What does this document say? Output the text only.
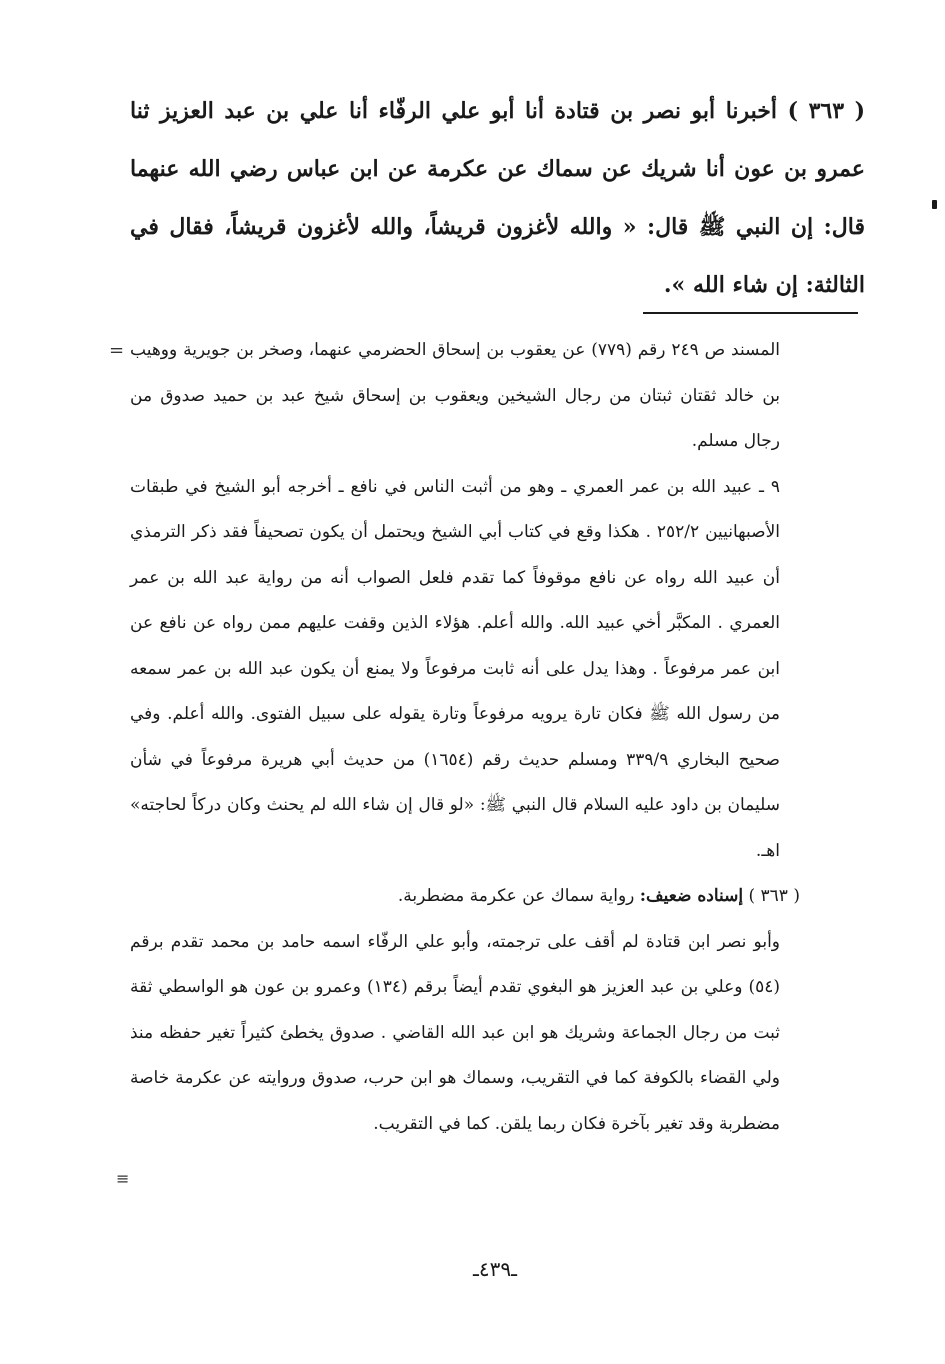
( ٣٦٣ ) أخبرنا أبو نصر بن قتادة أنا أبو علي الرفّاء أنا علي بن عبد العزيز ثنا عمرو بن عون أنا شريك عن سماك عن عكرمة عن ابن عباس رضي الله عنهما قال: إن النبي ﷺ قال: « والله لأغزون قريشاً، والله لأغزون قريشاً، فقال في الثالثة: إن شاء الله ».

= المسند ص ٢٤٩ رقم (٧٧٩) عن يعقوب بن إسحاق الحضرمي عنهما، وصخر بن جويرية ووهيب بن خالد ثقتان ثبتان من رجال الشيخين ويعقوب بن إسحاق شيخ عبد بن حميد صدوق من رجال مسلم.

٩ ـ عبيد الله بن عمر العمري ـ وهو من أثبت الناس في نافع ـ أخرجه أبو الشيخ في طبقات الأصبهانيين ٢٥٢/٢ . هكذا وقع في كتاب أبي الشيخ ويحتمل أن يكون تصحيفاً فقد ذكر الترمذي أن عبيد الله رواه عن نافع موقوفاً كما تقدم فلعل الصواب أنه من رواية عبد الله بن عمر العمري . المكبَّر أخي عبيد الله. والله أعلم. هؤلاء الذين وقفت عليهم ممن رواه عن نافع عن ابن عمر مرفوعاً . وهذا يدل على أنه ثابت مرفوعاً ولا يمنع أن يكون عبد الله بن عمر سمعه من رسول الله ﷺ فكان تارة يرويه مرفوعاً وتارة يقوله على سبيل الفتوى. والله أعلم. وفي صحيح البخاري ٣٣٩/٩ ومسلم حديث رقم (١٦٥٤) من حديث أبي هريرة مرفوعاً في شأن سليمان بن داود عليه السلام قال النبي ﷺ: «لو قال إن شاء الله لم يحنث وكان دركاً لحاجته» اهـ.

( ٣٦٣ ) إسناده ضعيف: رواية سماك عن عكرمة مضطربة.

وأبو نصر ابن قتادة لم أقف على ترجمته، وأبو علي الرفّاء اسمه حامد بن محمد تقدم برقم (٥٤) وعلي بن عبد العزيز هو البغوي تقدم أيضاً برقم (١٣٤) وعمرو بن عون هو الواسطي ثقة ثبت من رجال الجماعة وشريك هو ابن عبد الله القاضي . صدوق يخطئ كثيراً تغير حفظه منذ ولي القضاء بالكوفة كما في التقريب، وسماك هو ابن حرب، صدوق وروايته عن عكرمة خاصة مضطربة وقد تغير بآخرة فكان ربما يلقن. كما في التقريب.

≡
ـ٤٣٩ـ
